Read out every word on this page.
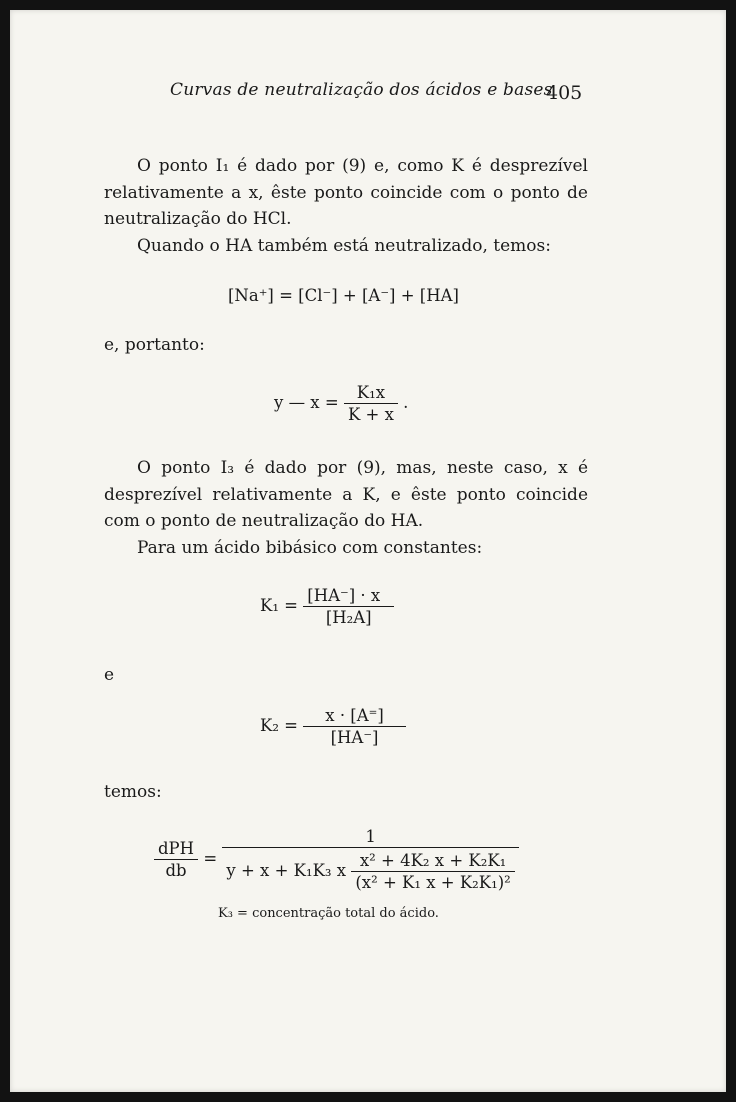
Curvas de neutralização dos ácidos e bases
405
O ponto I₁ é dado por (9) e, como K é desprezível relativamente a x, êste ponto coincide com o ponto de neutralização do HCl.
Quando o HA também está neutralizado, temos:
[Na⁺] = [Cl⁻] + [A⁻] + [HA]
e, portanto:
y — $x = \frac{\text{K₁x}}{K + x}$ .
O ponto I₃ é dado por (9), mas, neste caso, x é desprezível relativamente a K, e êste ponto coincide com o ponto de neutralização do HA.
Para um ácido bibásico com constantes:
$K_1 = \frac{[HA^-] \cdot x}{\text{[H₂A]}}$
e
$K_2 = \frac{x \cdot [A^=]}{[HA^-]}$
temos:
$\frac{\text{dPH}}{db}$ =
1
y + x + K₁K₃ x $\frac{\text{x² + 4K₂ x + K₂K₁}}{\text{(x² + K₁ x + K₂K₁)²}}$
K₃ = concentração total do ácido.
